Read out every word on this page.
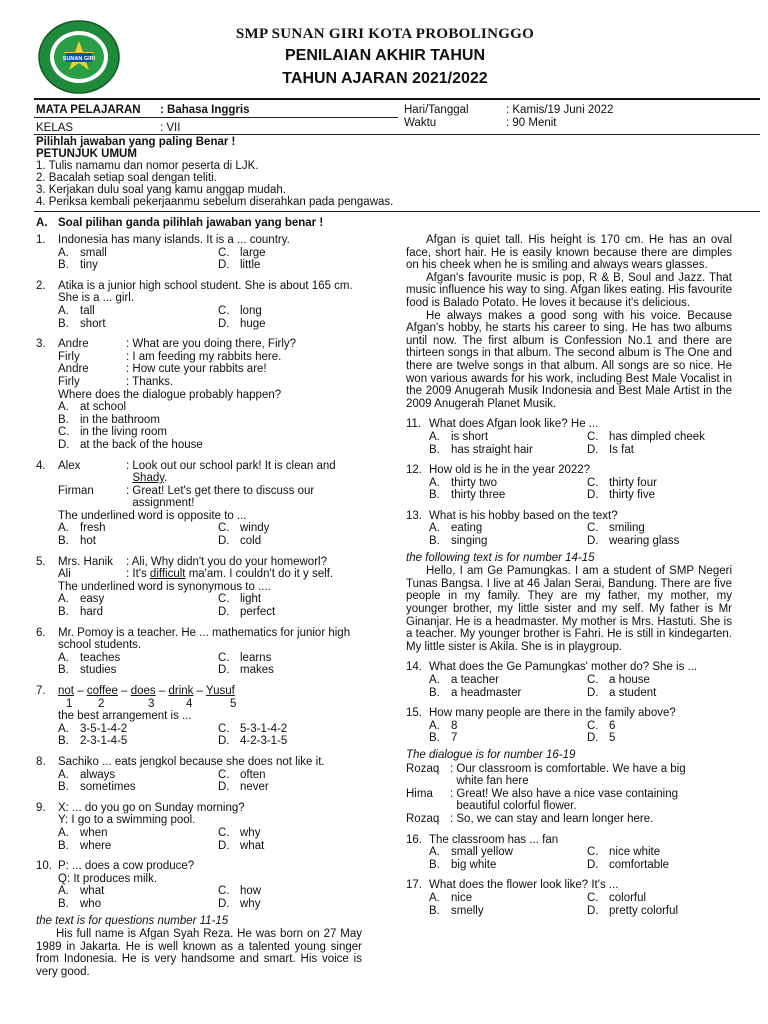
SUNAN GIRI
SMP SUNAN GIRI KOTA PROBOLINGGO
PENILAIAN AKHIR TAHUN
TAHUN AJARAN 2021/2022
MATA PELAJARAN : Bahasa Inggris
KELAS	: VII
Hari/Tanggal	: Kamis/19 Juni 2022
Waktu	: 90 Menit
Pilihlah jawaban yang paling Benar !
PETUNJUK UMUM
1. Tulis namamu dan nomor peserta di LJK.
2. Bacalah setiap soal dengan teliti.
3. Kerjakan dulu soal yang kamu anggap mudah.
4. Periksa kembali pekerjaanmu sebelum diserahkan pada pengawas.
A. Soal pilihan ganda pilihlah jawaban yang benar !
1.	Indonesia has many islands. It is a ... country.
A. small	C. large
B. tiny	D. little
2.	Atika is a junior high school student. She is about 165 cm. She is a ... girl.
A. tall	C. long
B. short	D. huge
3.	Andre	: What are you doing there, Firly?
Firly	: I am feeding my rabbits here.
Andre	: How cute your rabbits are!
Firly	: Thanks.
Where does the dialogue probably happen?
A. at school
B. in the bathroom
C. in the living room
D. at the back of the house
4.	Alex	: Look out our school park! It is clean and
Shady.
Firman	: Great! Let's get there to discuss our
assignment!
The underlined word is opposite to ...
A. fresh	C. windy
B. hot	D. cold
5.	Mrs. Hanik	: Ali, Why didn't you do your homeworl?
Ali	: It's difficult ma'am. I couldn't do it y self.
The underlined word is synonymous to ....
A. easy	C. light
B. hard	D. perfect
6.	Mr. Pomoy is a teacher. He ... mathematics for junior high school students.
A. teaches	C. learns
B. studies	D. makes
7.	not – coffee – does – drink – Yusuf
1 2	3	4	5
the best arrangement is ...
A. 3-5-1-4-2	C. 5-3-1-4-2
B. 2-3-1-4-5	D. 4-2-3-1-5
8.	Sachiko ... eats jengkol because she does not like it.
A. always	C. often
B. sometimes	D. never
9.	X: ... do you go on Sunday morning?
Y: I go to a swimming pool.
A. when	C. why
B. where	D. what
10. P: ... does a cow produce?
Q: It produces milk.
A. what	C. how
B. who	D. why
the text is for questions number 11-15
His full name is Afgan Syah Reza. He was born on 27 May 1989 in Jakarta. He is well known as a talented young singer from Indonesia. He is very handsome and smart. His voice is very good.
Afgan is quiet tall. His height is 170 cm. He has an oval face, short hair. He is easily known because there are dimples on his cheek when he is smiling and always wears glasses.
Afgan's favourite music is pop, R & B, Soul and Jazz. That music influence his way to sing. Afgan likes eating. His favourite food is Balado Potato. He loves it because it's delicious.
He always makes a good song with his voice. Because Afgan's hobby, he starts his career to sing. He has two albums until now. The first album is Confession No.1 and there are thirteen songs in that album. The second album is The One and there are twelve songs in that album. All songs are so nice. He won various awards for his work, including Best Male Vocalist in the 2009 Anugerah Musik Indonesia and Best Male Artist in the 2009 Anugerah Planet Musik.
11. What does Afgan look like? He ...
A. is short	C. has dimpled cheek
B. has straight hair	D. Is fat
12. How old is he in the year 2022?
A. thirty two	C. thirty four
B. thirty three	D. thirty five
13. What is his hobby based on the text?
A. eating	C. smiling
B. singing	D. wearing glass
the following text is for number 14-15
Hello, I am Ge Pamungkas. I am a student of SMP Negeri Tunas Bangsa. I live at 46 Jalan Serai, Bandung. There are five people in my family. They are my father, my mother, my younger brother, my little sister and my self. My father is Mr Ginanjar. He is a headmaster. My mother is Mrs. Hastuti. She is a teacher. My younger brother is Fahri. He is still in kindegarten. My little sister is Akila. She is in playgroup.
14. What does the Ge Pamungkas' mother do? She is ...
A. a teacher	C. a house
B. a headmaster	D. a student
15. How many people are there in the family above?
A. 8	C. 6
B. 7	D. 5
The dialogue is for number 16-19
Rozaq : Our classroom is comfortable. We have a big
white fan here
Hima	: Great! We also have a nice vase containing
beautiful colorful flower.
Rozaq : So, we can stay and learn longer here.
16. The classroom has ... fan
A. small yellow	C. nice white
B. big white	D. comfortable
17. What does the flower look like? It's ...
A. nice	C. colorful
B. smelly	D. pretty colorful
